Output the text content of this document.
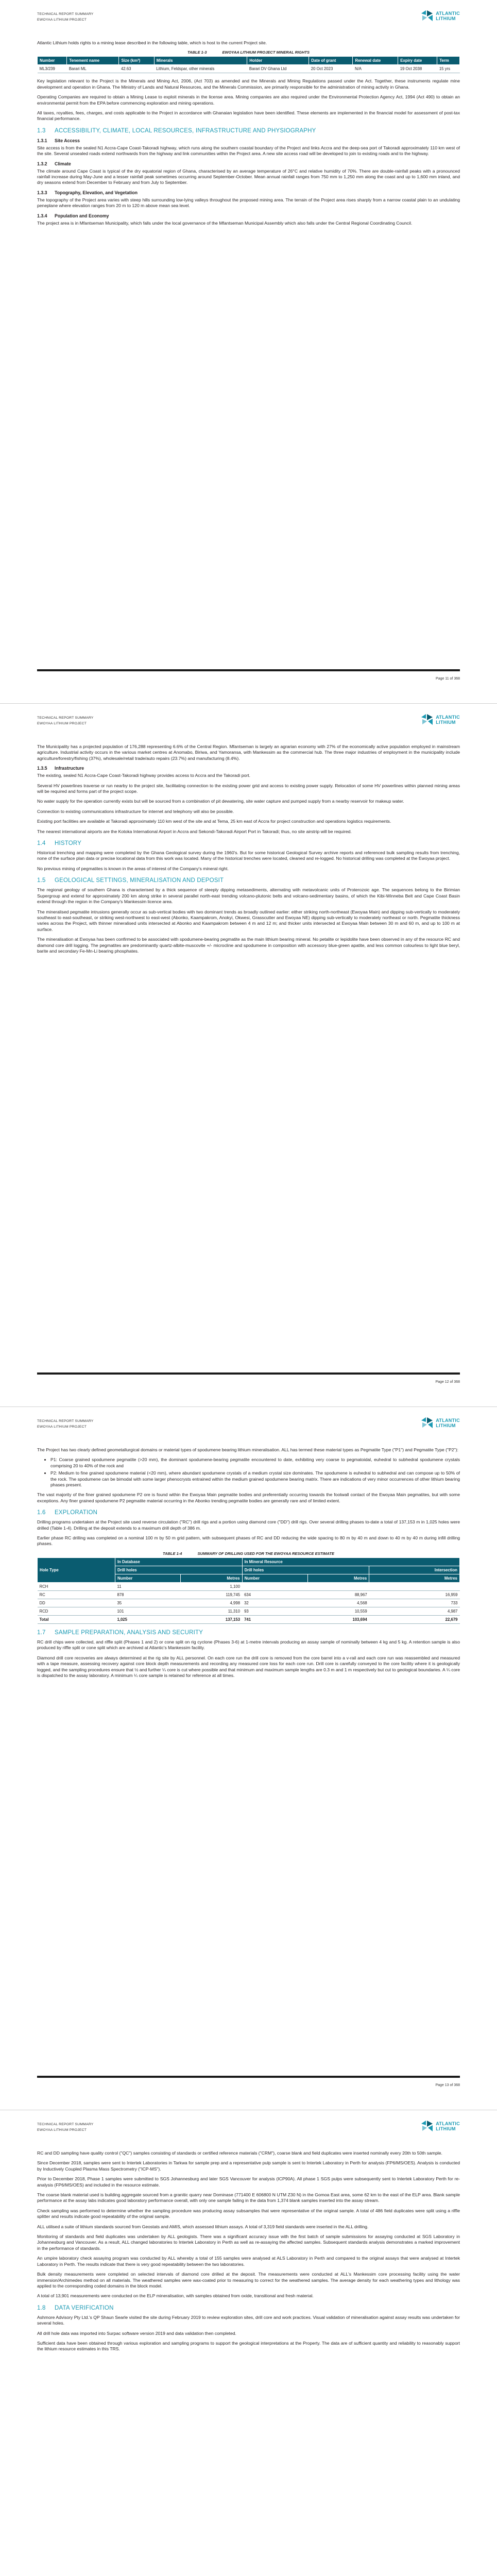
TECHNICAL REPORT SUMMARY
EWOYAA LITHIUM PROJECT
ATLANTIC
LITHIUM

Atlantic Lithium holds rights to a mining lease described in the following table, which is host to the current Project site.

TABLE 1-3	EWOYAA LITHIUM PROJECT MINERAL RIGHTS
Number	Tenement name	Size (km²)	Minerals	Holder	Date of grant	Renewal date	Expiry date	Term
ML3/239	Barari ML	42.63	Lithium, Feldspar, other minerals	Barari DV Ghana Ltd	20 Oct 2023	N/A	19 Oct 2038	15 yrs

Key legislation relevant to the Project is the Minerals and Mining Act, 2006, (Act 703) as amended and the Minerals and Mining Regulations passed under the Act. Together, these instruments regulate mine development and operation in Ghana. The Ministry of Lands and Natural Resources, and the Minerals Commission, are primarily responsible for the administration of mining activity in Ghana.

Operating Companies are required to obtain a Mining Lease to exploit minerals in the license area. Mining companies are also required under the Environmental Protection Agency Act, 1994 (Act 490) to obtain an environmental permit from the EPA before commencing exploration and mining operations.

All taxes, royalties, fees, charges, and costs applicable to the Project in accordance with Ghanaian legislation have been identified. These elements are implemented in the financial model for assessment of post-tax financial performance.

1.3 ACCESSIBILITY, CLIMATE, LOCAL RESOURCES, INFRASTRUCTURE AND PHYSIOGRAPHY
1.3.1 Site Access

Site access is from the sealed N1 Accra-Cape Coast-Takoradi highway, which runs along the southern coastal boundary of the Project and links Accra and the deep-sea port of Takoradi approximately 110 km west of the site. Several unsealed roads extend northwards from the highway and link communities within the Project area. A new site access road will be developed to join to existing roads and to the highway.

1.3.2 Climate

The climate around Cape Coast is typical of the dry equatorial region of Ghana, characterised by an average temperature of 26°C and relative humidity of 70%. There are double-rainfall peaks with a pronounced rainfall increase during May-June and a lesser rainfall peak sometimes occurring around September-October. Mean annual rainfall ranges from 750 mm to 1,250 mm along the coast and up to 1,600 mm inland, and dry seasons extend from December to February and from July to September.

1.3.3 Topography, Elevation, and Vegetation

The topography of the Project area varies with steep hills surrounding low-lying valleys throughout the proposed mining area. The terrain of the Project area rises sharply from a narrow coastal plain to an undulating peneplane where elevation ranges from 20 m to 120 m above mean sea level.

1.3.4 Population and Economy

The project area is in Mfantseman Municipality, which falls under the local governance of the Mfantseman Municipal Assembly which also falls under the Central Regional Coordinating Council.

Page 11 of 368
TECHNICAL REPORT SUMMARY
EWOYAA LITHIUM PROJECT
ATLANTIC
LITHIUM

The Municipality has a projected population of 176,288 representing 6.6% of the Central Region. Mfantseman is largely an agrarian economy with 27% of the economically active population employed in mainstream agriculture. Industrial activity occurs in the various market centres at Anomabo, Biriwa, and Yamoransa, with Mankessim as the commercial hub. The three major industries of employment in the municipality include agriculture/forestry/fishing (37%), wholesale/retail trade/auto repairs (23.7%) and manufacturing (8.4%).

1.3.5 Infrastructure

The existing, sealed N1 Accra-Cape Coast-Takoradi highway provides access to Accra and the Takoradi port.

Several HV powerlines traverse or run nearby to the project site, facilitating connection to the existing power grid and access to existing power supply. Relocation of some HV powerlines within planned mining areas will be required and forms part of the project scope.

No water supply for the operation currently exists but will be sourced from a combination of pit dewatering, site water capture and pumped supply from a nearby reservoir for makeup water.

Connection to existing communications infrastructure for internet and telephony will also be possible.

Existing port facilities are available at Takoradi approximately 110 km west of the site and at Tema, 25 km east of Accra for project construction and operations logistics requirements.

The nearest international airports are the Kotoka International Airport in Accra and Sekondi-Takoradi Airport Port in Takoradi; thus, no site airstrip will be required.

1.4 HISTORY

Historical trenching and mapping were completed by the Ghana Geological survey during the 1960's. But for some historical Geological Survey archive reports and referenced bulk sampling results from trenching, none of the surface plan data or precise locational data from this work was located. Many of the historical trenches were located, cleaned and re-logged. No historical drilling was completed at the Ewoyaa project.

No previous mining of pegmatites is known in the areas of interest of the Company's mineral right.

1.5 GEOLOGICAL SETTINGS, MINERALISATION AND DEPOSIT

The regional geology of southern Ghana is characterised by a thick sequence of steeply dipping metasediments, alternating with metavolcanic units of Proterozoic age. The sequences belong to the Birimian Supergroup and extend for approximately 200 km along strike in several parallel north-east trending volcano-plutonic belts and volcano-sedimentary basins, of which the Kibi-Winneba Belt and Cape Coast Basin extend through the region in the Company's Mankessim licence area.

The mineralised pegmatite intrusions generally occur as sub-vertical bodies with two dominant trends as broadly outlined earlier: either striking north-northeast (Ewoyaa Main) and dipping sub-vertically to moderately southeast to east-southeast, or striking west-northwest to east-west (Abonko, Kaampakrom, Anokyi, Okwesi, Grasscutter and Ewoyaa NE) dipping sub-vertically to moderately northeast or north. Pegmatite thickness varies across the Project, with thinner mineralised units intersected at Abonko and Kaampakrom between 4 m and 12 m; and thicker units intersected at Ewoyaa Main between 30 m and 60 m, and up to 100 m at surface.

The mineralisation at Ewoyaa has been confirmed to be associated with spodumene-bearing pegmatite as the main lithium bearing mineral. No petalite or lepidolite have been observed in any of the resource RC and diamond core drill logging. The pegmatites are predominantly quartz-albite-muscovite +/- microcline and spodumene in composition with accessory blue-green apatite, and less common colourless to light blue beryl, barite and secondary Fe-Mn-Li bearing phosphates.

Page 12 of 368
TECHNICAL REPORT SUMMARY
EWOYAA LITHIUM PROJECT
ATLANTIC
LITHIUM

The Project has two clearly defined geometallurgical domains or material types of spodumene bearing lithium mineralisation. ALL has termed these material types as Pegmatite Type ("P1") and Pegmatite Type ("P2"):

• P1: Coarse grained spodumene pegmatite (>20 mm), the dominant spodumene-bearing pegmatite encountered to date, exhibiting very coarse to pegmatoidal, euhedral to subhedral spodumene crystals comprising 20 to 40% of the rock and
• P2: Medium to fine grained spodumene material (<20 mm), where abundant spodumene crystals of a medium crystal size dominates. The spodumene is euhedral to subhedral and can compose up to 50% of the rock. The spodumene can be bimodal with some larger phenocrysts entrained within the medium grained spodumene bearing matrix. There are indications of very minor occurrences of other lithium bearing phases present.

The vast majority of the finer grained spodumene P2 ore is found within the Ewoyaa Main pegmatite bodies and preferentially occurring towards the footwall contact of the Ewoyaa Main pegmatites, but with some exceptions. Any finer grained spodumene P2 pegmatite material occurring in the Abonko trending pegmatite bodies are generally rare and of limited extent.

1.6 EXPLORATION

Drilling programs undertaken at the Project site used reverse circulation ("RC") drill rigs and a portion using diamond core ("DD") drill rigs. Over several drilling phases to-date a total of 137,153 m in 1,025 holes were drilled (Table 1-4). Drilling at the deposit extends to a maximum drill depth of 386 m.

Earlier phase RC drilling was completed on a nominal 100 m by 50 m grid pattern, with subsequent phases of RC and DD reducing the wide spacing to 80 m by 40 m and down to 40 m by 40 m during infill drilling phases.

TABLE 1-4	SUMMARY OF DRILLING USED FOR THE EWOYAA RESOURCE ESTIMATE
Hole Type	In Database		In Mineral Resource		
	Drill holes		Drill holes		Intersection
	Number	Metres	Number	Metres	Metres
RCH	11	1,100			
RC	878	119,745	634	88,967	16,959
DD	35	4,998	32	4,568	733
RCD	101	11,310	93	10,559	4,987
Total	1,025	137,153	741	103,694	22,679
1.7 SAMPLE PREPARATION, ANALYSIS AND SECURITY

RC drill chips were collected, and riffle split (Phases 1 and 2) or cone split on rig cyclone (Phases 3-6) at 1-metre intervals producing an assay sample of nominally between 4 kg and 5 kg. A retention sample is also produced by riffle split or cone split which are archived at Atlantic's Mankessim facility.

Diamond drill core recoveries are always determined at the rig site by ALL personnel. On each core run the drill core is removed from the core barrel into a v-rail and each core run was reassembled and measured with a tape measure, assessing recovery against core block depth measurements and recording any measured core loss for each core run. Drill core is carefully conveyed to the core facility where it is geologically logged, and the sampling procedures ensure that ½ and further ¼ core is cut where possible and that minimum and maximum sample lengths are 0.3 m and 1 m respectively but cut to geological boundaries. A ¼ core is dispatched to the assay laboratory. A minimum ¼ core sample is retained for reference at all times.

Page 13 of 368
TECHNICAL REPORT SUMMARY
EWOYAA LITHIUM PROJECT
ATLANTIC
LITHIUM

RC and DD sampling have quality control ("QC") samples consisting of standards or certified reference materials ("CRM"), coarse blank and field duplicates were inserted nominally every 20th to 50th sample.

Since December 2018, samples were sent to Intertek Laboratories in Tarkwa for sample prep and a representative pulp sample is sent to Intertek Laboratory in Perth for analysis (FP6/MS/OES). Analysis is conducted by Inductively Coupled Plasma Mass Spectrometry ("ICP-MS").

Prior to December 2018, Phase 1 samples were submitted to SGS Johannesburg and later SGS Vancouver for analysis (ICP90A). All phase 1 SGS pulps were subsequently sent to Intertek Laboratory Perth for re-analysis (FP6/MS/OES) and included in the resource estimate.

The coarse blank material used is building aggregate sourced from a granitic quarry near Dominase (771400 E 606800 N UTM Z30 N) in the Gomoa East area, some 62 km to the east of the ELP area. Blank sample performance at the assay labs indicates good laboratory performance overall, with only one sample failing in the data from 1,374 blank samples inserted into the assay stream.

Check sampling was performed to determine whether the sampling procedure was producing assay subsamples that were representative of the original sample. A total of 486 field duplicates were split using a riffle splitter and results indicate good repeatability of the original sample.

ALL utilised a suite of lithium standards sourced from Geostats and AMIS, which assessed lithium assays. A total of 3,319 field standards were inserted in the ALL drilling.

Monitoring of standards and field duplicates was undertaken by ALL geologists. There was a significant accuracy issue with the first batch of sample submissions for assaying conducted at SGS Laboratory in Johannesburg and Vancouver. As a result, ALL changed laboratories to Intertek Laboratory in Perth as well as re-assaying the affected samples. Subsequent standards analysis demonstrates a marked improvement in the performance of standards.

An umpire laboratory check assaying program was conducted by ALL whereby a total of 155 samples were analysed at ALS Laboratory in Perth and compared to the original assays that were analysed at Intertek Laboratory in Perth. The results indicate that there is very good repeatability between the two laboratories.

Bulk density measurements were completed on selected intervals of diamond core drilled at the deposit. The measurements were conducted at ALL's Mankessim core processing facility using the water immersion/Archimedes method on all materials. The weathered samples were wax-coated prior to measuring to correct for the weathered samples. The average density for each weathering types and lithology was applied to the corresponding coded domains in the block model.

A total of 13,901 measurements were conducted on the ELP mineralisation, with samples obtained from oxide, transitional and fresh material.

1.8 DATA VERIFICATION

Ashmore Advisory Pty Ltd.'s QP Shaun Searle visited the site during February 2019 to review exploration sites, drill core and work practices. Visual validation of mineralisation against assay results was undertaken for several holes.

All drill hole data was imported into Surpac software version 2019 and data validation then completed.

Sufficient data have been obtained through various exploration and sampling programs to support the geological interpretations at the Property. The data are of sufficient quantity and reliability to reasonably support the lithium resource estimates in this TRS.
